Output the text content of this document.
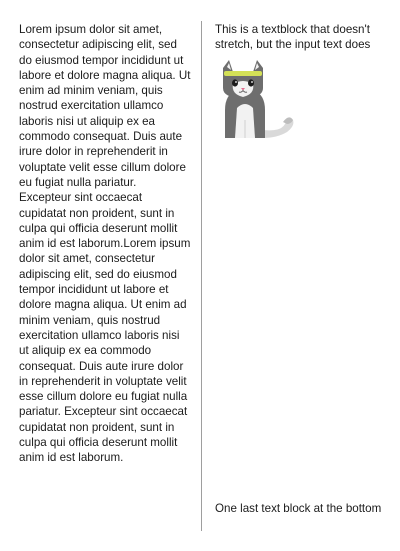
Lorem ipsum dolor sit amet, consectetur adipiscing elit, sed do eiusmod tempor incididunt ut labore et dolore magna aliqua. Ut enim ad minim veniam, quis nostrud exercitation ullamco laboris nisi ut aliquip ex ea commodo consequat. Duis aute irure dolor in reprehenderit in voluptate velit esse cillum dolore eu fugiat nulla pariatur. Excepteur sint occaecat cupidatat non proident, sunt in culpa qui officia deserunt mollit anim id est laborum.Lorem ipsum dolor sit amet, consectetur adipiscing elit, sed do eiusmod tempor incididunt ut labore et dolore magna aliqua. Ut enim ad minim veniam, quis nostrud exercitation ullamco laboris nisi ut aliquip ex ea commodo consequat. Duis aute irure dolor in reprehenderit in voluptate velit esse cillum dolore eu fugiat nulla pariatur. Excepteur sint occaecat cupidatat non proident, sunt in culpa qui officia deserunt mollit anim id est laborum.

This is a textblock that doesn't stretch, but the input text does

One last text block at the bottom
